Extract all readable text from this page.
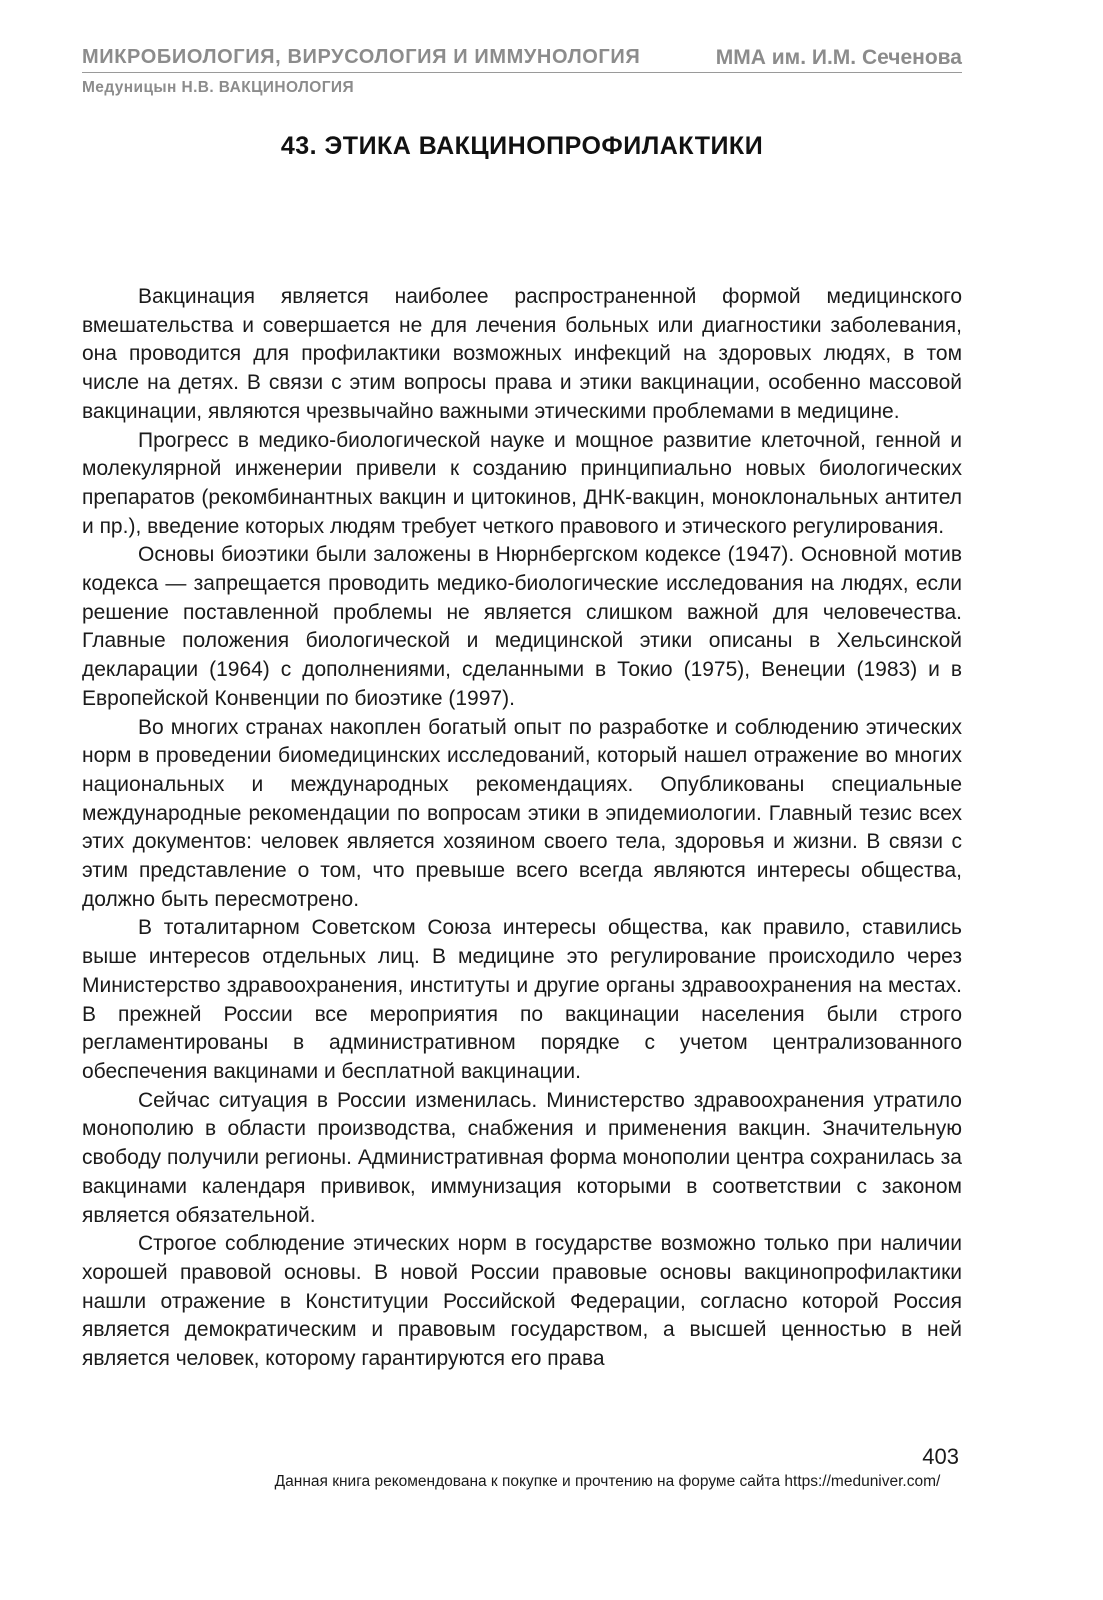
МИКРОБИОЛОГИЯ, ВИРУСОЛОГИЯ И ИММУНОЛОГИЯ	ММА им. И.М. Сеченова
Медуницын Н.В. ВАКЦИНОЛОГИЯ
43. ЭТИКА ВАКЦИНОПРОФИЛАКТИКИ

Вакцинация является наиболее распространенной формой медицинского вмешательства и совершается не для лечения больных или диагностики заболевания, она проводится для профилактики возможных инфекций на здоровых людях, в том числе на детях. В связи с этим вопросы права и этики вакцинации, особенно массовой вакцинации, являются чрезвычайно важными этическими проблемами в медицине.

Прогресс в медико-биологической науке и мощное развитие клеточной, генной и молекулярной инженерии привели к созданию принципиально новых биологических препаратов (рекомбинантных вакцин и цитокинов, ДНК-вакцин, моноклональных антител и пр.), введение которых людям требует четкого правового и этического регулирования.

Основы биоэтики были заложены в Нюрнбергском кодексе (1947). Основной мотив кодекса — запрещается проводить медико-биологические исследования на людях, если решение поставленной проблемы не является слишком важной для человечества. Главные положения биологической и медицинской этики описаны в Хельсинской декларации (1964) с дополнениями, сделанными в Токио (1975), Венеции (1983) и в Европейской Конвенции по биоэтике (1997).

Во многих странах накоплен богатый опыт по разработке и соблюдению этических норм в проведении биомедицинских исследований, который нашел отражение во многих национальных и международных рекомендациях. Опубликованы специальные международные рекомендации по вопросам этики в эпидемиологии. Главный тезис всех этих документов: человек является хозяином своего тела, здоровья и жизни. В связи с этим представление о том, что превыше всего всегда являются интересы общества, должно быть пересмотрено.

В тоталитарном Советском Союза интересы общества, как правило, ставились выше интересов отдельных лиц. В медицине это регулирование происходило через Министерство здравоохранения, институты и другие органы здравоохранения на местах. В прежней России все мероприятия по вакцинации населения были строго регламентированы в административном порядке с учетом централизованного обеспечения вакцинами и бесплатной вакцинации.

Сейчас ситуация в России изменилась. Министерство здравоохранения утратило монополию в области производства, снабжения и применения вакцин. Значительную свободу получили регионы. Административная форма монополии центра сохранилась за вакцинами календаря прививок, иммунизация которыми в соответствии с законом является обязательной.

Строгое соблюдение этических норм в государстве возможно только при наличии хорошей правовой основы. В новой России правовые основы вакцинопрофилактики нашли отражение в Конституции Российской Федерации, согласно которой Россия является демократическим и правовым государством, а высшей ценностью в ней является человек, которому гарантируются его права

403
Данная книга рекомендована к покупке и прочтению на форуме сайта https://meduniver.com/
